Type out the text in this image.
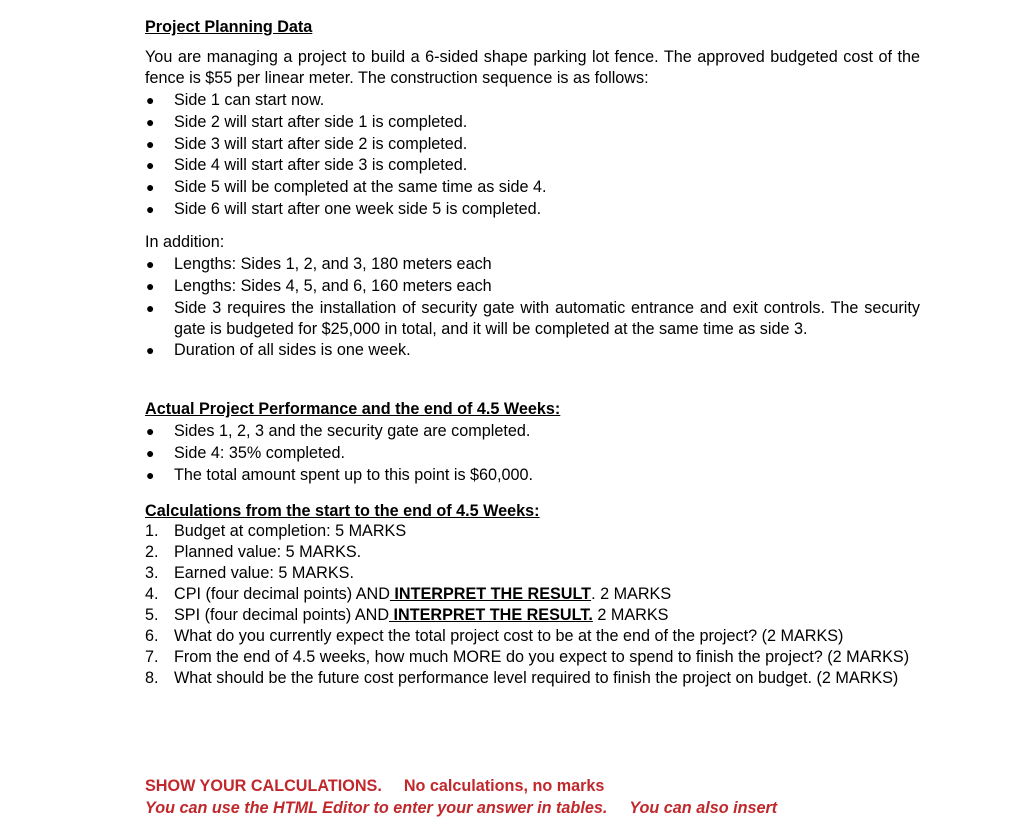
Project Planning Data
You are managing a project to build a 6-sided shape parking lot fence. The approved budgeted cost of the fence is $55 per linear meter. The construction sequence is as follows:
● Side 1 can start now.
● Side 2 will start after side 1 is completed.
● Side 3 will start after side 2 is completed.
● Side 4 will start after side 3 is completed.
● Side 5 will be completed at the same time as side 4.
● Side 6 will start after one week side 5 is completed.
In addition:
● Lengths: Sides 1, 2, and 3, 180 meters each
● Lengths: Sides 4, 5, and 6, 160 meters each
● Side 3 requires the installation of security gate with automatic entrance and exit controls. The security gate is budgeted for $25,000 in total, and it will be completed at the same time as side 3.
● Duration of all sides is one week.
Actual Project Performance and the end of 4.5 Weeks:
● Sides 1, 2, 3 and the security gate are completed.
● Side 4: 35% completed.
● The total amount spent up to this point is $60,000.
Calculations from the start to the end of 4.5 Weeks:
1. Budget at completion: 5 MARKS
2. Planned value: 5 MARKS.
3. Earned value: 5 MARKS.
4. CPI (four decimal points) AND INTERPRET THE RESULT. 2 MARKS
5. SPI (four decimal points) AND INTERPRET THE RESULT. 2 MARKS
6. What do you currently expect the total project cost to be at the end of the project? (2 MARKS)
7. From the end of 4.5 weeks, how much MORE do you expect to spend to finish the project? (2 MARKS)
8. What should be the future cost performance level required to finish the project on budget. (2 MARKS)
SHOW YOUR CALCULATIONS. No calculations, no marks
You can use the HTML Editor to enter your answer in tables. You can also insert
